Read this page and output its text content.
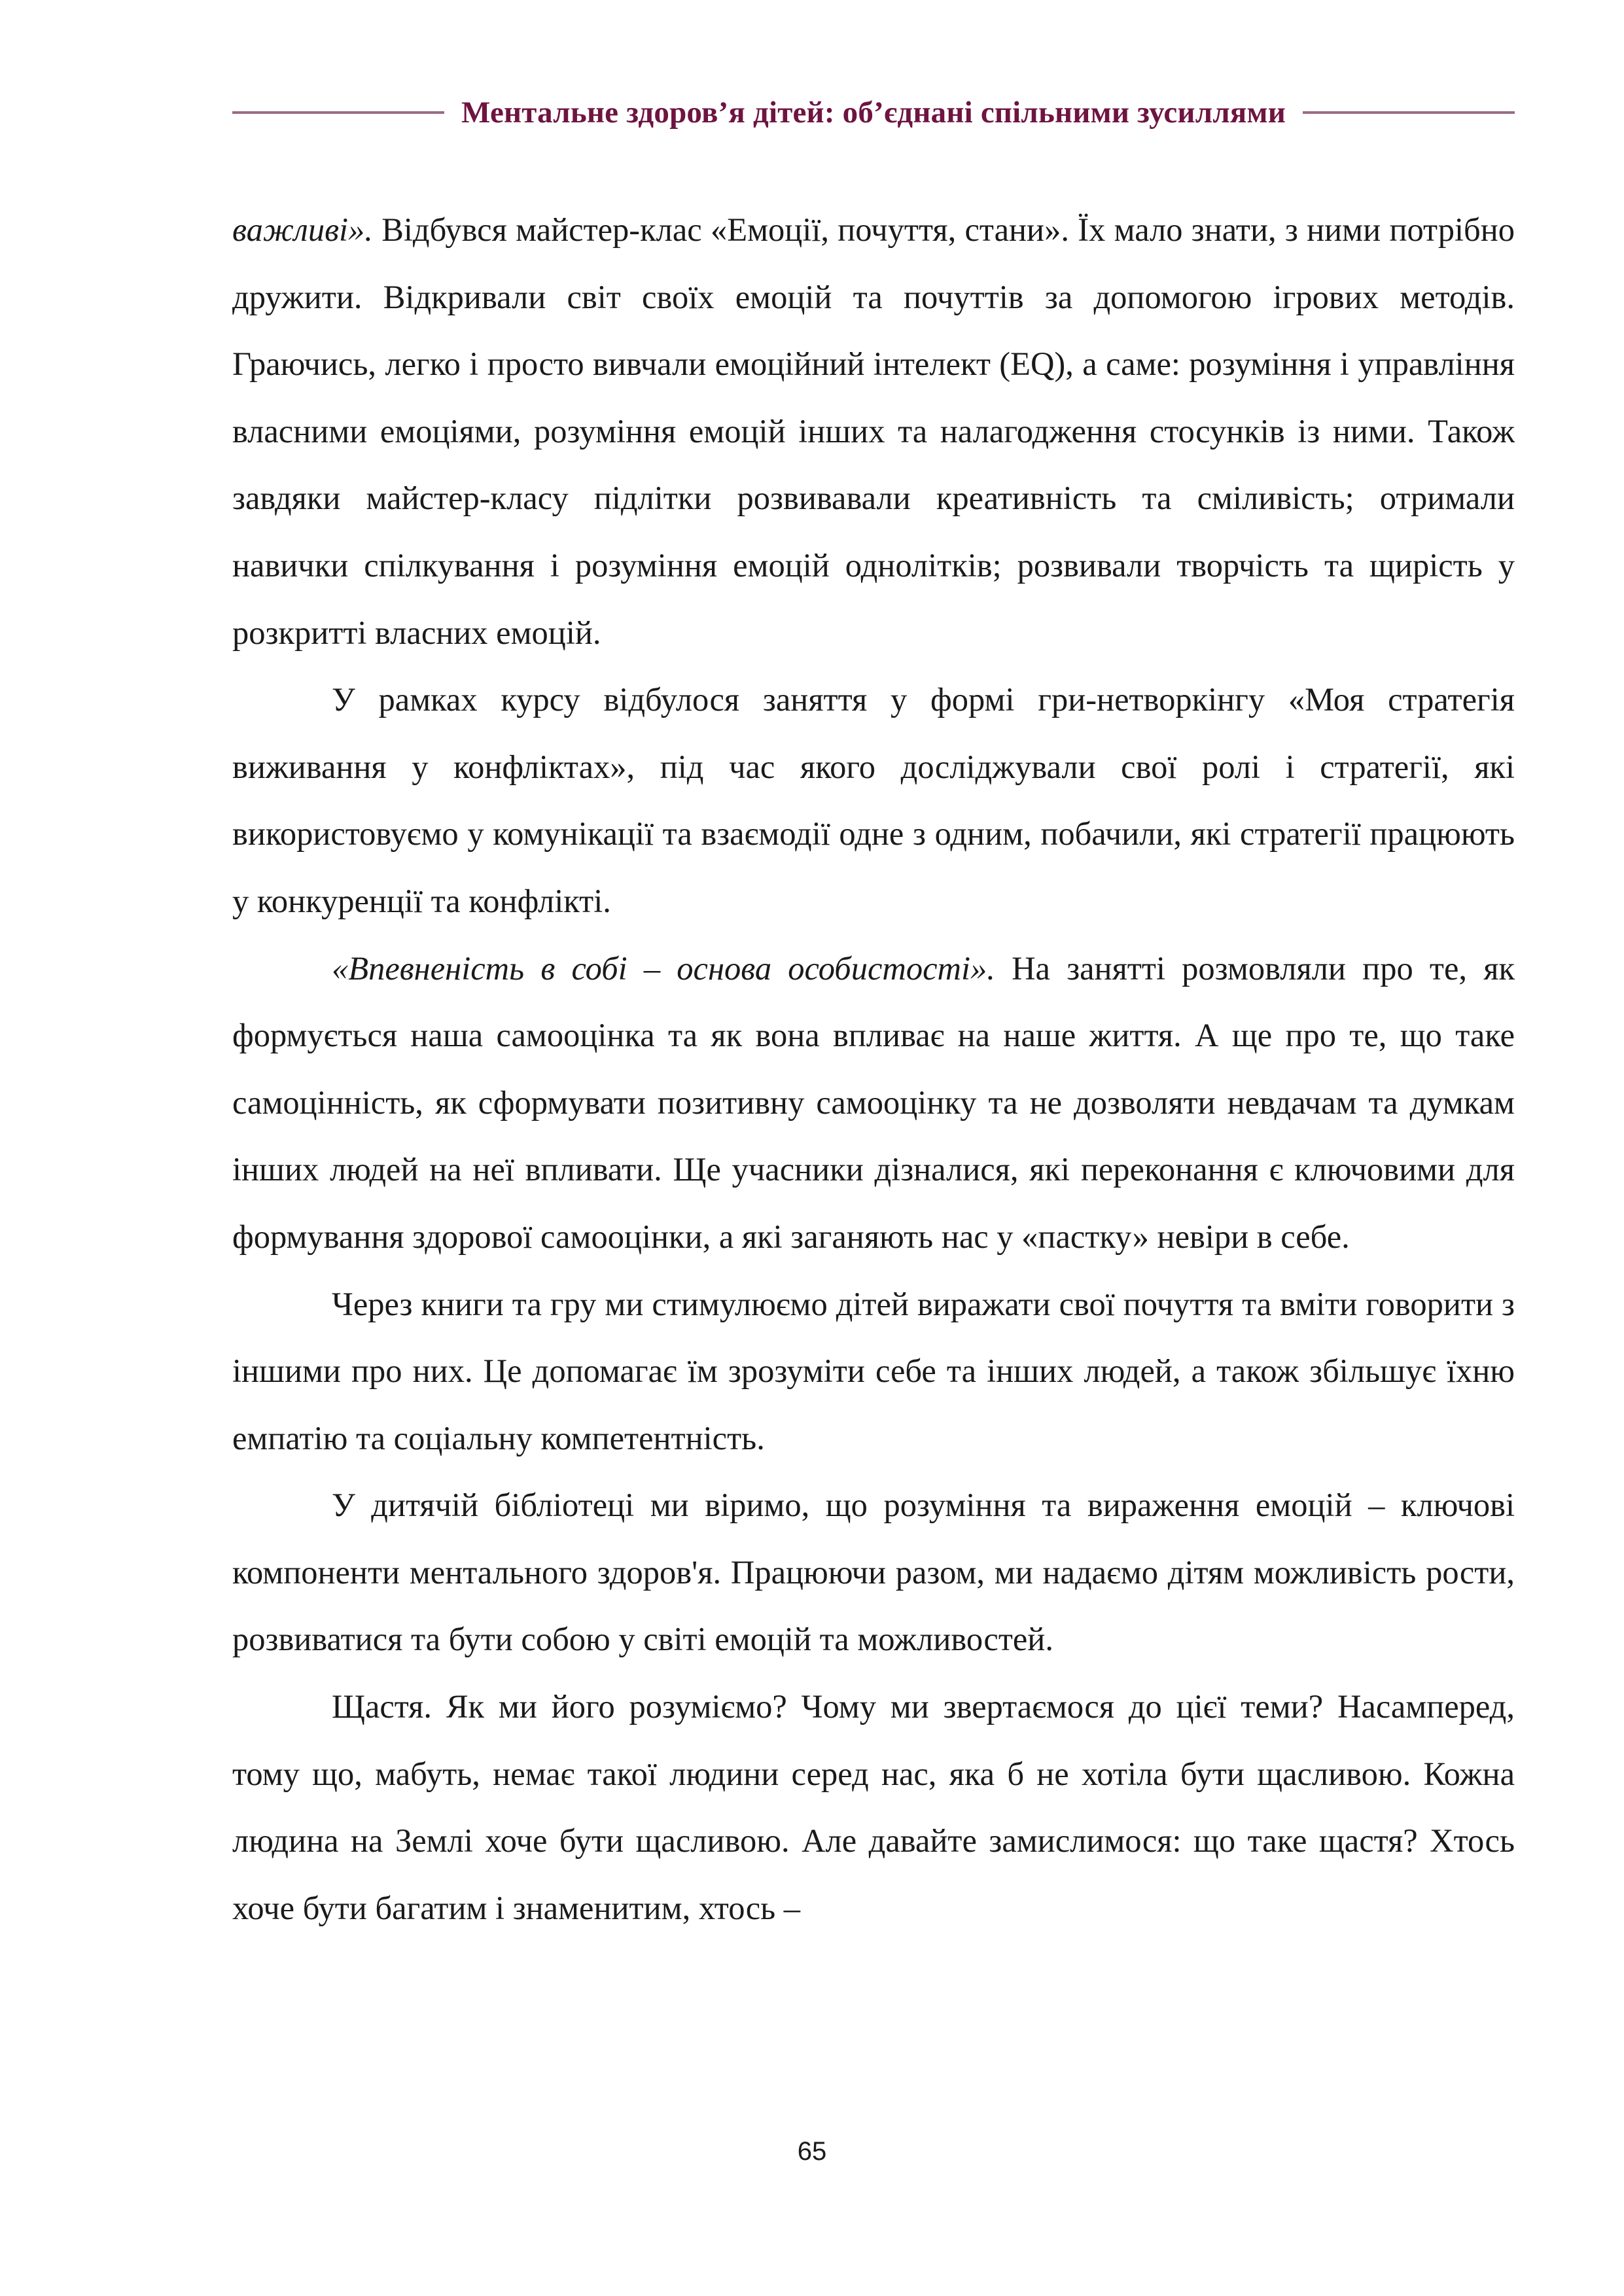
Ментальне здоров’я дітей: об’єднані спільними зусиллями

важливі». Відбувся майстер-клас «Емоції, почуття, стани». Їх мало знати, з ними потрібно дружити. Відкривали світ своїх емоцій та почуттів за допомогою ігрових методів. Граючись, легко і просто вивчали емоційний інтелект (EQ), а саме: розуміння і управління власними емоціями, розуміння емоцій інших та налагодження стосунків із ними. Також завдяки майстер-класу підлітки розвивавали креативність та сміливість; отримали навички спілкування і розуміння емоцій однолітків; розвивали творчість та щирість у розкритті власних емоцій.

У рамках курсу відбулося заняття у формі гри-нетворкінгу «Моя стратегія виживання у конфліктах», під час якого досліджували свої ролі і стратегії, які використовуємо у комунікації та взаємодії одне з одним, побачили, які стратегії працюють у конкуренції та конфлікті.

«Впевненість в собі – основа особистості». На занятті розмовляли про те, як формується наша самооцінка та як вона впливає на наше життя. А ще про те, що таке самоцінність, як сформувати позитивну самооцінку та не дозволяти невдачам та думкам інших людей на неї впливати. Ще учасники дізналися, які переконання є ключовими для формування здорової самооцінки, а які заганяють нас у «пастку» невіри в себе.

Через книги та гру ми стимулюємо дітей виражати свої почуття та вміти говорити з іншими про них. Це допомагає їм зрозуміти себе та інших людей, а також збільшує їхню емпатію та соціальну компетентність.

У дитячій бібліотеці ми віримо, що розуміння та вираження емоцій – ключові компоненти ментального здоров'я. Працюючи разом, ми надаємо дітям можливість рости, розвиватися та бути собою у світі емоцій та можливостей.

Щастя. Як ми його розуміємо? Чому ми звертаємося до цієї теми? Насамперед, тому що, мабуть, немає такої людини серед нас, яка б не хотіла бути щасливою. Кожна людина на Землі хоче бути щасливою. Але давайте замислимося: що таке щастя? Хтось хоче бути багатим і знаменитим, хтось –

65
